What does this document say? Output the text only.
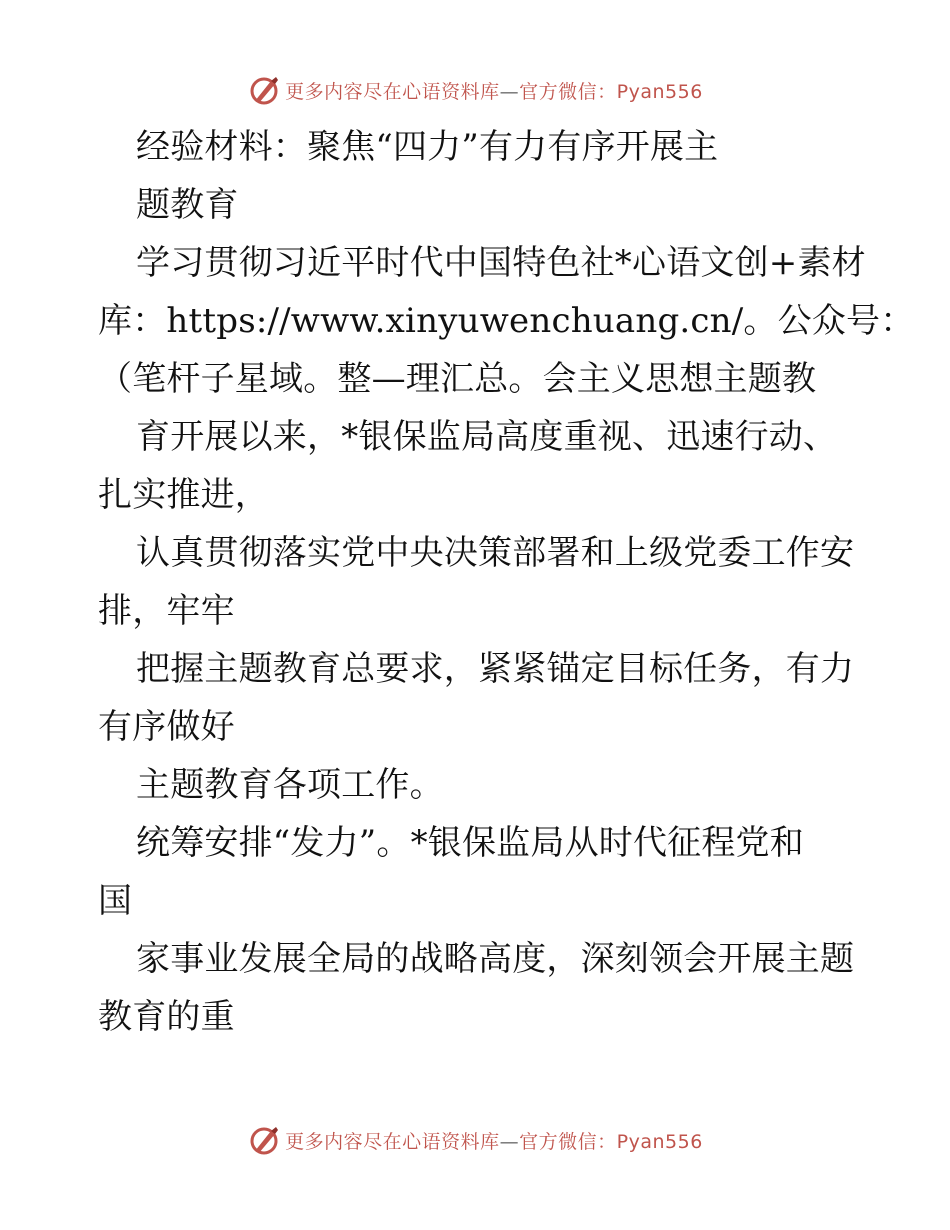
更多内容尽在心语资料库—官方微信：Pyan556
经验材料：聚焦“四力”有力有序开展主
题教育
学习贯彻习近平时代中国特色社*心语文创+素材
库：https://www.xinyuwenchuang.cn/。公众号：
（笔杆子星域。整—理汇总。会主义思想主题教
育开展以来，*银保监局高度重视、迅速行动、
扎实推进，
认真贯彻落实党中央决策部署和上级党委工作安
排，牢牢
把握主题教育总要求，紧紧锚定目标任务，有力
有序做好
主题教育各项工作。
统筹安排“发力”。*银保监局从时代征程党和
国
家事业发展全局的战略高度，深刻领会开展主题
教育的重
更多内容尽在心语资料库—官方微信：Pyan556
